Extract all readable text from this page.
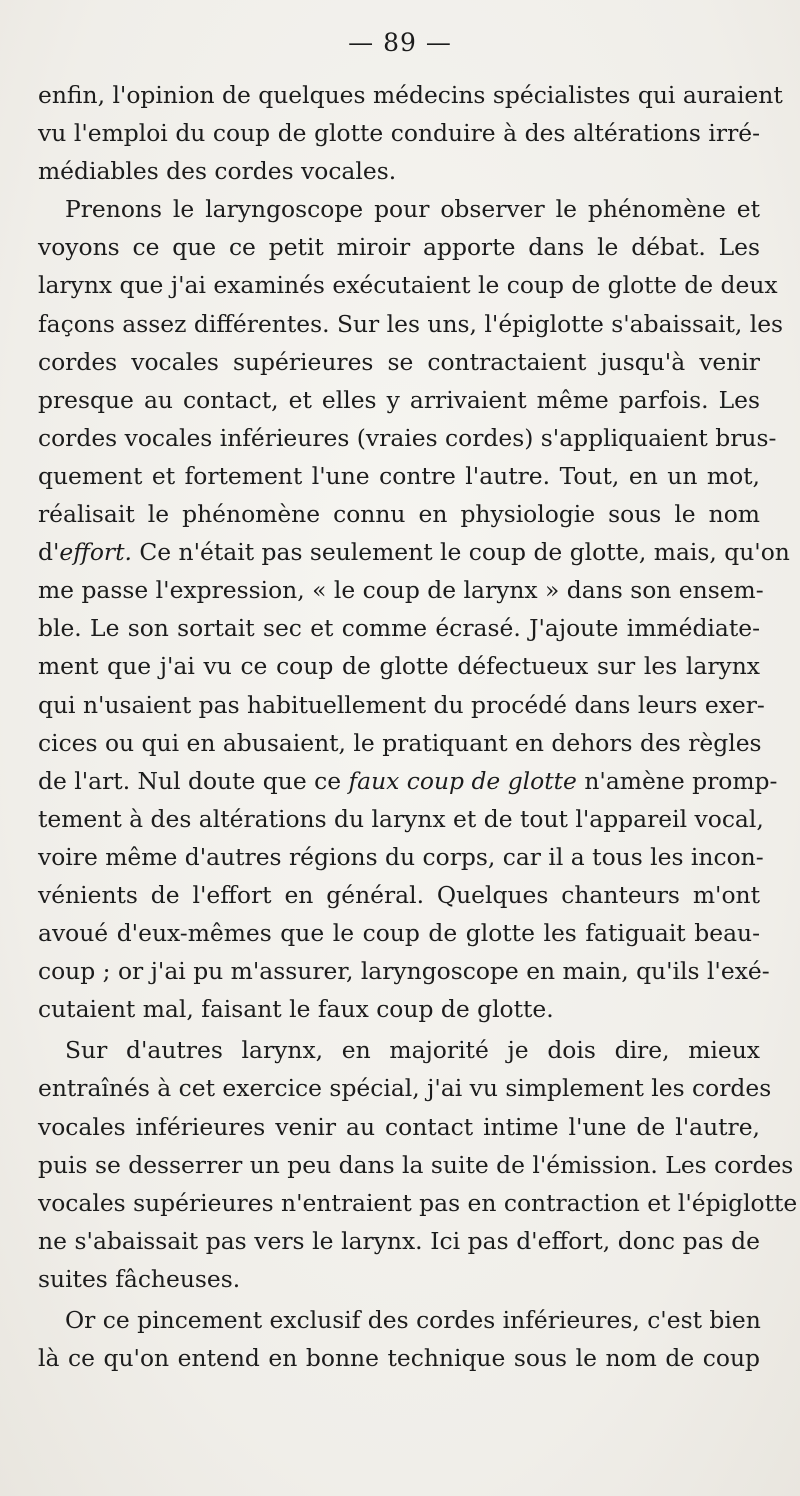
— 89 —
enfin, l'opinion de quelques médecins spécialistes qui auraient
vu l'emploi du coup de glotte conduire à des altérations irré-
médiables des cordes vocales.
Prenons le laryngoscope pour observer le phénomène et
voyons ce que ce petit miroir apporte dans le débat. Les
larynx que j'ai examinés exécutaient le coup de glotte de deux
façons assez différentes. Sur les uns, l'épiglotte s'abaissait, les
cordes vocales supérieures se contractaient jusqu'à venir
presque au contact, et elles y arrivaient même parfois. Les
cordes vocales inférieures (vraies cordes) s'appliquaient brus-
quement et fortement l'une contre l'autre. Tout, en un mot,
réalisait le phénomène connu en physiologie sous le nom
d'effort. Ce n'était pas seulement le coup de glotte, mais, qu'on
me passe l'expression, « le coup de larynx » dans son ensem-
ble. Le son sortait sec et comme écrasé. J'ajoute immédiate-
ment que j'ai vu ce coup de glotte défectueux sur les larynx
qui n'usaient pas habituellement du procédé dans leurs exer-
cices ou qui en abusaient, le pratiquant en dehors des règles
de l'art. Nul doute que ce faux coup de glotte n'amène promp-
tement à des altérations du larynx et de tout l'appareil vocal,
voire même d'autres régions du corps, car il a tous les incon-
vénients de l'effort en général. Quelques chanteurs m'ont
avoué d'eux-mêmes que le coup de glotte les fatiguait beau-
coup ; or j'ai pu m'assurer, laryngoscope en main, qu'ils l'exé-
cutaient mal, faisant le faux coup de glotte.
Sur d'autres larynx, en majorité je dois dire, mieux
entraînés à cet exercice spécial, j'ai vu simplement les cordes
vocales inférieures venir au contact intime l'une de l'autre,
puis se desserrer un peu dans la suite de l'émission. Les cordes
vocales supérieures n'entraient pas en contraction et l'épiglotte
ne s'abaissait pas vers le larynx. Ici pas d'effort, donc pas de
suites fâcheuses.
Or ce pincement exclusif des cordes inférieures, c'est bien
là ce qu'on entend en bonne technique sous le nom de coup
